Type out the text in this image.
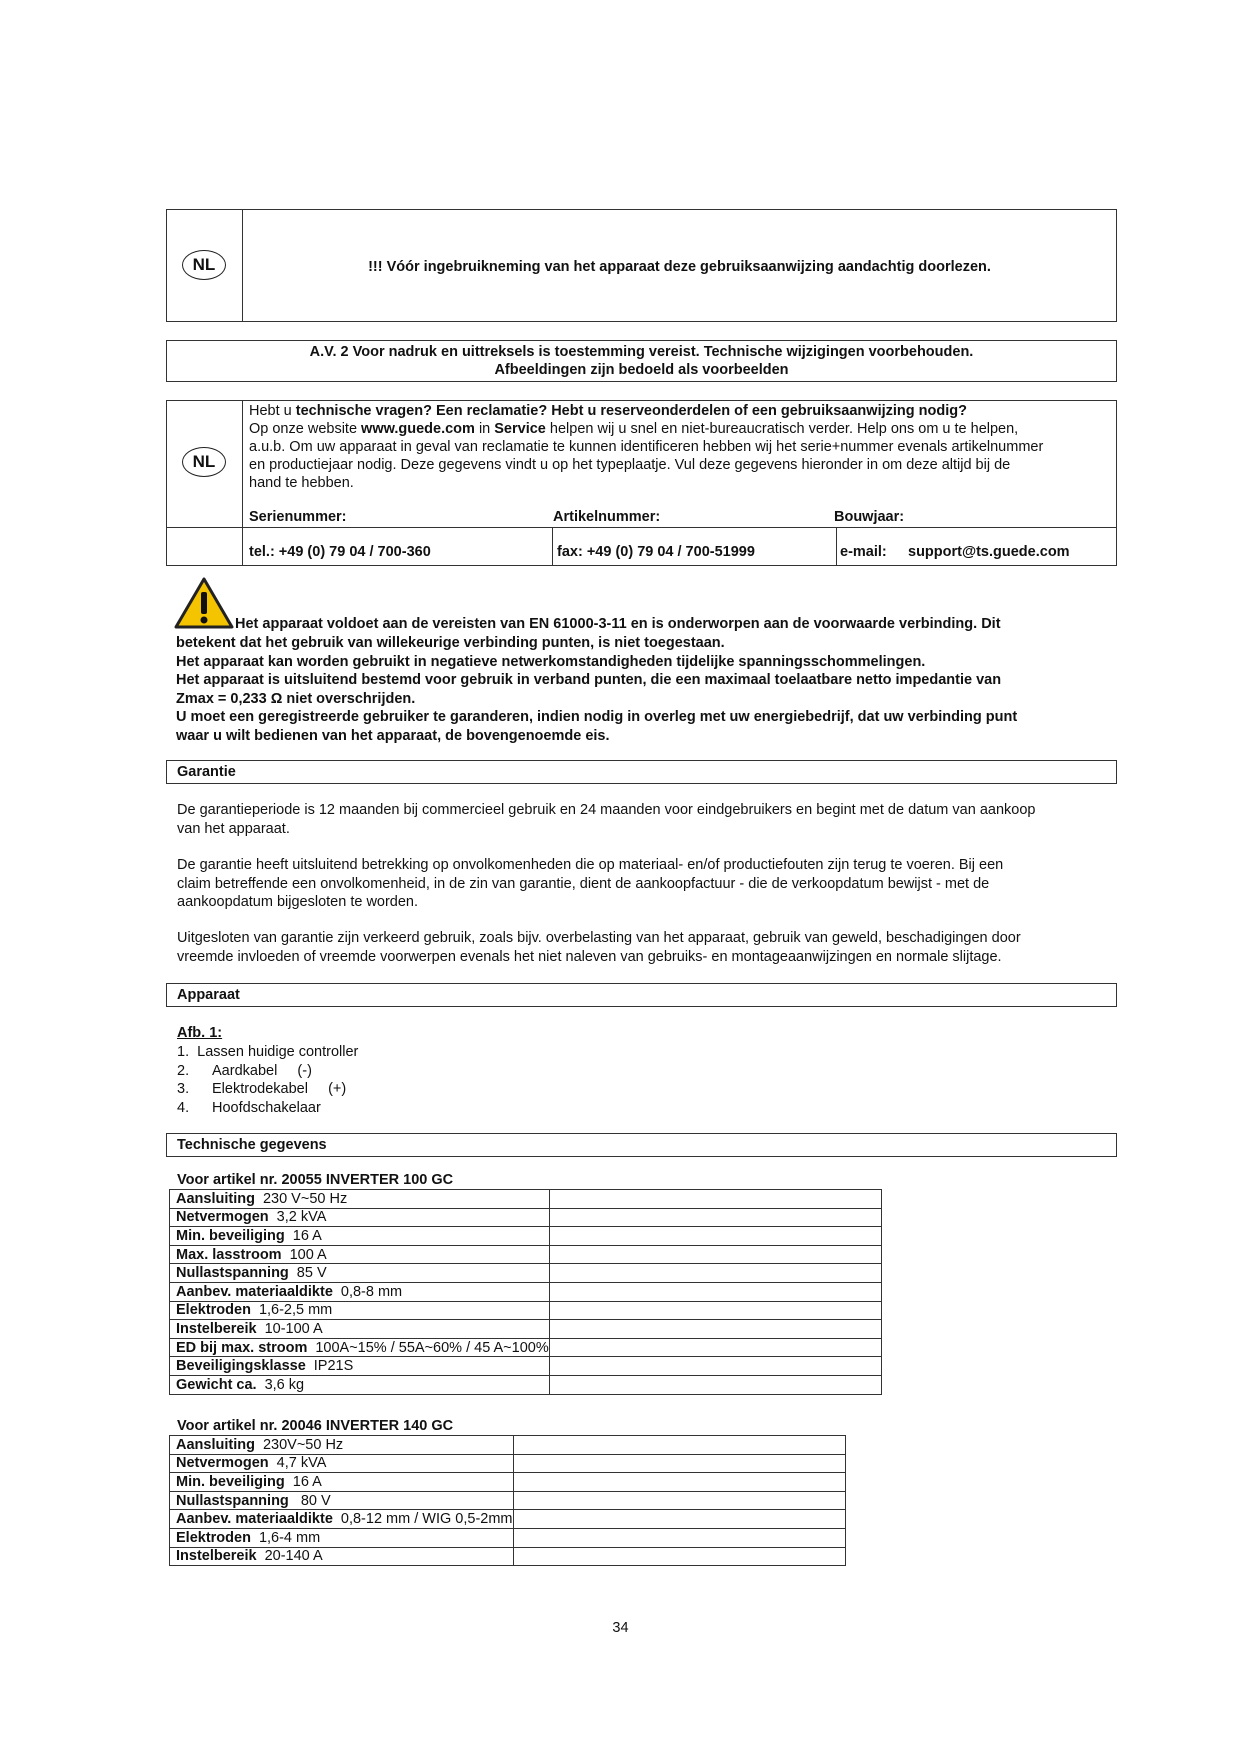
NL	!!! Vóór ingebruikneming van het apparaat deze gebruiksaanwijzing aandachtig doorlezen.
A.V. 2 Voor nadruk en uittreksels is toestemming vereist. Technische wijzigingen voorbehouden.
Afbeeldingen zijn bedoeld als voorbeelden
NL
Hebt u technische vragen? Een reclamatie? Hebt u reserveonderdelen of een gebruiksaanwijzing nodig?
Op onze website www.guede.com in Service helpen wij u snel en niet-bureaucratisch verder. Help ons om u te helpen,
a.u.b. Om uw apparaat in geval van reclamatie te kunnen identificeren hebben wij het serie+nummer evenals artikelnummer
en productiejaar nodig. Deze gegevens vindt u op het typeplaatje. Vul deze gegevens hieronder in om deze altijd bij de
hand te hebben.
Serienummer:	Artikelnummer:	Bouwjaar:
tel.: +49 (0) 79 04 / 700-360	fax: +49 (0) 79 04 / 700-51999	e-mail: support@ts.guede.com
Het apparaat voldoet aan de vereisten van EN 61000-3-11 en is onderworpen aan de voorwaarde verbinding. Dit
betekent dat het gebruik van willekeurige verbinding punten, is niet toegestaan.
Het apparaat kan worden gebruikt in negatieve netwerkomstandigheden tijdelijke spanningsschommelingen.
Het apparaat is uitsluitend bestemd voor gebruik in verband punten, die een maximaal toelaatbare netto impedantie van
Zmax = 0,233 Ω niet overschrijden.
U moet een geregistreerde gebruiker te garanderen, indien nodig in overleg met uw energiebedrijf, dat uw verbinding punt
waar u wilt bedienen van het apparaat, de bovengenoemde eis.
Garantie
De garantieperiode is 12 maanden bij commercieel gebruik en 24 maanden voor eindgebruikers en begint met de datum van aankoop
van het apparaat.
De garantie heeft uitsluitend betrekking op onvolkomenheden die op materiaal- en/of productiefouten zijn terug te voeren. Bij een
claim betreffende een onvolkomenheid, in de zin van garantie, dient de aankoopfactuur - die de verkoopdatum bewijst - met de
aankoopdatum bijgesloten te worden.
Uitgesloten van garantie zijn verkeerd gebruik, zoals bijv. overbelasting van het apparaat, gebruik van geweld, beschadigingen door
vreemde invloeden of vreemde voorwerpen evenals het niet naleven van gebruiks- en montageaanwijzingen en normale slijtage.
Apparaat
Afb. 1:
1. Lassen huidige controller
2. Aardkabel     (-)
3. Elektrodekabel     (+)
4. Hoofdschakelaar
Technische gegevens
Voor artikel nr. 20055 INVERTER 100 GC
Aansluiting 230 V~50 Hz	
Netvermogen 3,2 kVA	
Min. beveiliging 16 A	
Max. lasstroom 100 A	
Nullastspanning 85 V	
Aanbev. materiaaldikte 0,8-8 mm	
Elektroden 1,6-2,5 mm	
Instelbereik 10-100 A	
ED bij max. stroom 100A~15% / 55A~60% / 45 A~100%	
Beveiligingsklasse IP21S	
Gewicht ca. 3,6 kg	
Voor artikel nr. 20046 INVERTER 140 GC
Aansluiting 230V~50 Hz	
Netvermogen 4,7 kVA	
Min. beveiliging 16 A	
Nullastspanning 80 V	
Aanbev. materiaaldikte 0,8-12 mm / WIG 0,5-2mm	
Elektroden 1,6-4 mm	
Instelbereik 20-140 A	
34
